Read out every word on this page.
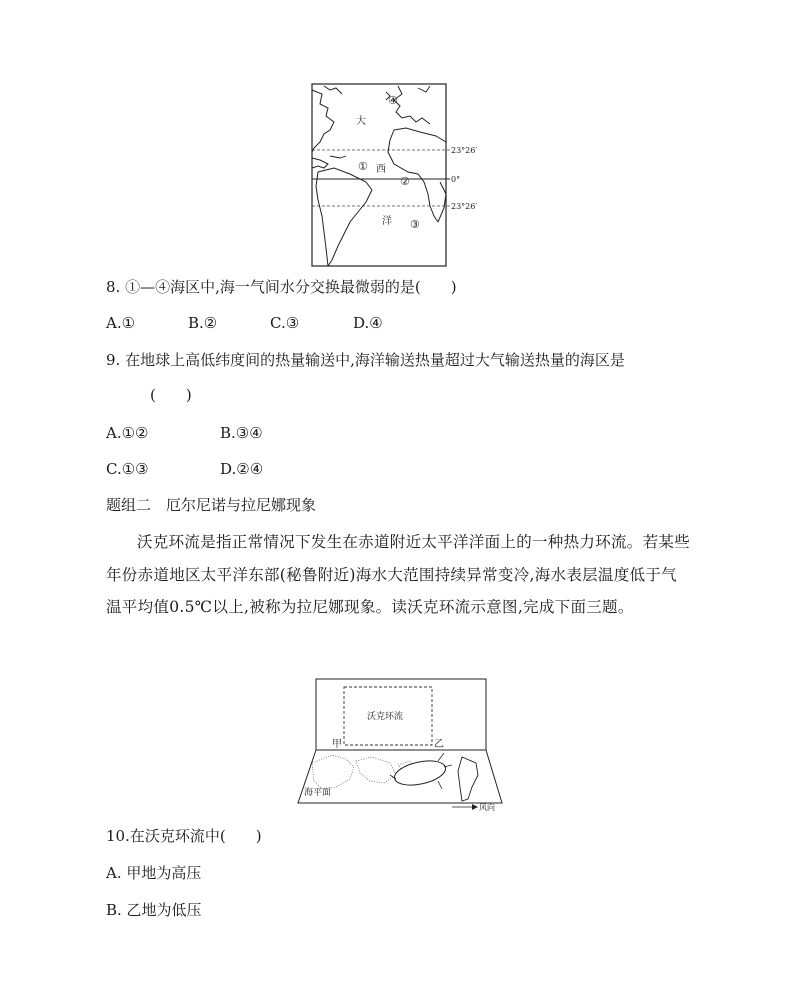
大
西
洋
①
②
③
④
23°26′
0°
23°26′
8. ①—④海区中,海一气间水分交换最微弱的是(　　)
A.①	B.②	C.③	D.④
9. 在地球上高低纬度间的热量输送中,海洋输送热量超过大气输送热量的海区是
(　　)
A.①②	B.③④
C.①③	D.②④
题组二　厄尔尼诺与拉尼娜现象
沃克环流是指正常情况下发生在赤道附近太平洋洋面上的一种热力环流。若某些年份赤道地区太平洋东部(秘鲁附近)海水大范围持续异常变冷,海水表层温度低于气温平均值0.5℃以上,被称为拉尼娜现象。读沃克环流示意图,完成下面三题。
沃克环流
甲	乙
海平面
风向
10.在沃克环流中(　　)
A. 甲地为高压
B. 乙地为低压
